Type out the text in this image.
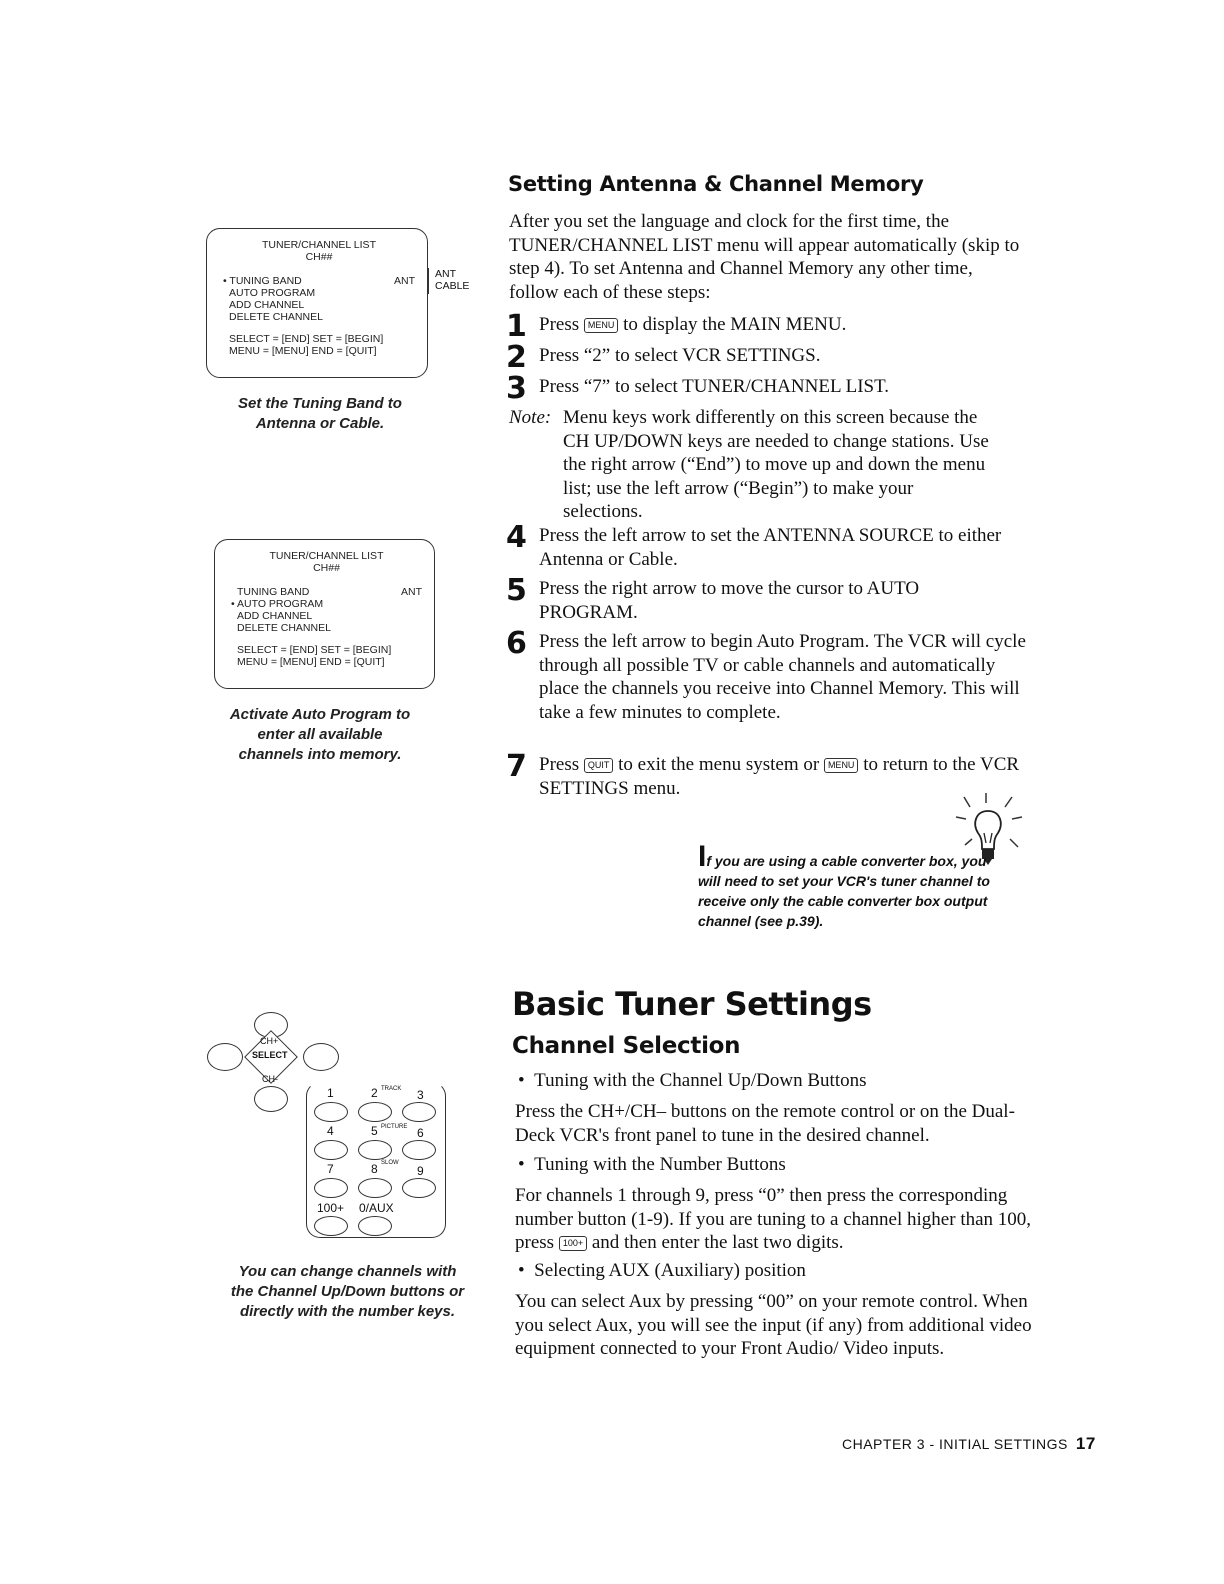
TUNER/CHANNEL LIST
CH##
• TUNING BAND	ANT
AUTO PROGRAM
ADD CHANNEL
DELETE CHANNEL
SELECT = [END] SET = [BEGIN]
MENU = [MENU] END = [QUIT]
ANT
CABLE
Set the Tuning Band to
Antenna or Cable.
TUNER/CHANNEL LIST
CH##
TUNING BAND	ANT
• AUTO PROGRAM
ADD CHANNEL
DELETE CHANNEL
SELECT = [END] SET = [BEGIN]
MENU = [MENU] END = [QUIT]
Activate Auto Program to
enter all available
channels into memory.
Setting Antenna & Channel Memory
After you set the language and clock for the first time, the TUNER/CHANNEL LIST menu will appear automatically (skip to step 4). To set Antenna and Channel Memory any other time, follow each of these steps:
1 Press MENU to display the MAIN MENU.
2 Press “2” to select VCR SETTINGS.
3 Press “7” to select TUNER/CHANNEL LIST.
Note: Menu keys work differently on this screen because the CH UP/DOWN keys are needed to change stations. Use the right arrow (“End”) to move up and down the menu list; use the left arrow (“Begin”) to make your selections.
4 Press the left arrow to set the ANTENNA SOURCE to either Antenna or Cable.
5 Press the right arrow to move the cursor to AUTO PROGRAM.
6 Press the left arrow to begin Auto Program. The VCR will cycle through all possible TV or cable channels and automatically place the channels you receive into Channel Memory. This will take a few minutes to complete.
7 Press QUIT to exit the menu system or MENU to return to the VCR SETTINGS menu.
If you are using a cable converter box, you will need to set your VCR's tuner channel to receive only the cable converter box output channel (see p.39).
CH+
SELECT
CH-
1	2 TRACK 3
4	5 PICTURE 6
7	8 SLOW
9
100+ 0/AUX
You can change channels with
the Channel Up/Down buttons or
directly with the number keys.
Basic Tuner Settings
Channel Selection
•  Tuning with the Channel Up/Down Buttons
Press the CH+/CH– buttons on the remote control or on the Dual-Deck VCR's front panel to tune in the desired channel.
•  Tuning with the Number Buttons
For channels 1 through 9, press “0” then press the corresponding number button (1-9). If you are tuning to a channel higher than 100, press 100+ and then enter the last two digits.
•  Selecting AUX (Auxiliary) position
You can select Aux by pressing “00” on your remote control. When you select Aux, you will see the input (if any) from additional video equipment connected to your Front Audio/ Video inputs.
CHAPTER 3 - INITIAL SETTINGS 17
